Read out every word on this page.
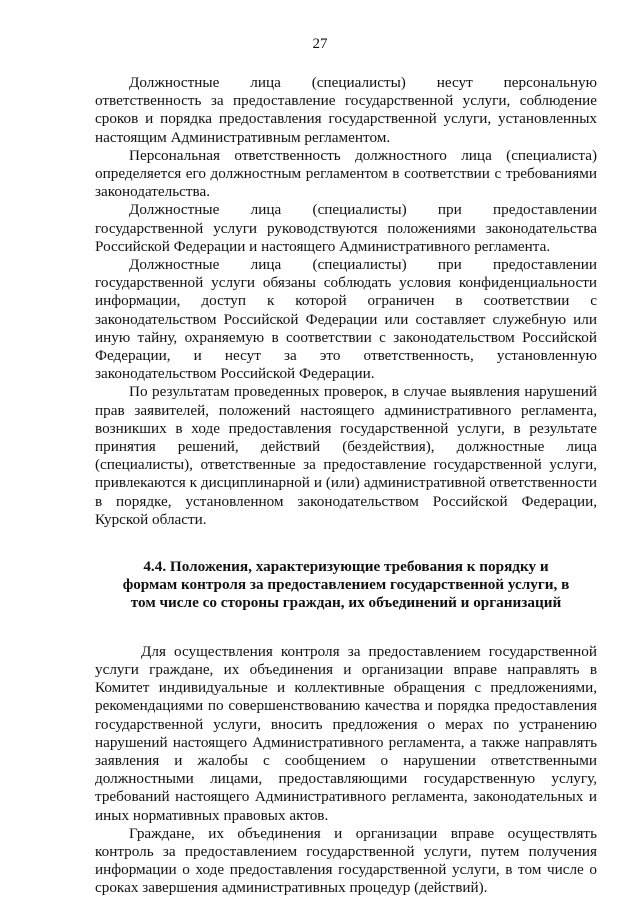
27

Должностные лица (специалисты) несут персональную ответственность за предоставление государственной услуги, соблюдение сроков и порядка предоставления государственной услуги, установленных настоящим Административным регламентом.

Персональная ответственность должностного лица (специалиста) определяется его должностным регламентом в соответствии с требованиями законодательства.

Должностные лица (специалисты) при предоставлении государственной услуги руководствуются положениями законодательства Российской Федерации и настоящего Административного регламента.

Должностные лица (специалисты) при предоставлении государственной услуги обязаны соблюдать условия конфиденциальности информации, доступ к которой ограничен в соответствии с законодательством Российской Федерации или составляет служебную или иную тайну, охраняемую в соответствии с законодательством Российской Федерации, и несут за это ответственность, установленную законодательством Российской Федерации.

По результатам проведенных проверок, в случае выявления нарушений прав заявителей, положений настоящего административного регламента, возникших в ходе предоставления государственной услуги, в результате принятия решений, действий (бездействия), должностные лица (специалисты), ответственные за предоставление государственной услуги, привлекаются к дисциплинарной и (или) административной ответственности в порядке, установленном законодательством Российской Федерации, Курской области.

4.4. Положения, характеризующие требования к порядку и формам контроля за предоставлением государственной услуги, в том числе со стороны граждан, их объединений и организаций

Для осуществления контроля за предоставлением государственной услуги граждане, их объединения и организации вправе направлять в Комитет индивидуальные и коллективные обращения с предложениями, рекомендациями по совершенствованию качества и порядка предоставления государственной услуги, вносить предложения о мерах по устранению нарушений настоящего Административного регламента, а также направлять заявления и жалобы с сообщением о нарушении ответственными должностными лицами, предоставляющими государственную услугу, требований настоящего Административного регламента, законодательных и иных нормативных правовых актов.

Граждане, их объединения и организации вправе осуществлять контроль за предоставлением государственной услуги, путем получения информации о ходе предоставления государственной услуги, в том числе о сроках завершения административных процедур (действий).
